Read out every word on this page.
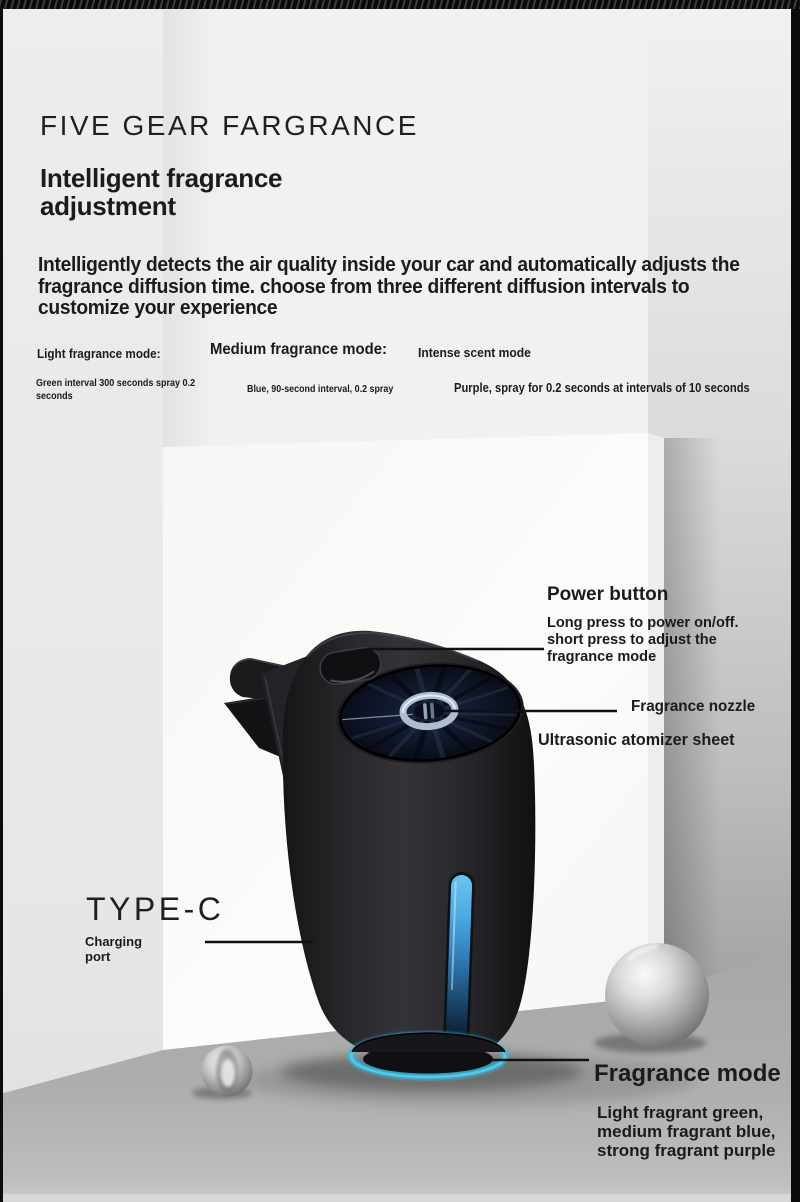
FIVE GEAR FARGRANCE
Intelligent fragrance adjustment
Intelligently detects the air quality inside your car and automatically adjusts the fragrance diffusion time. choose from three different diffusion intervals to customize your experience
Light fragrance mode:
Green interval 300 seconds spray 0.2 seconds
Medium fragrance mode:
Blue, 90-second interval, 0.2 spray
Intense scent mode
Purple, spray for 0.2 seconds at intervals of 10 seconds
Power button
Long press to power on/off. short press to adjust the fragrance mode
Fragrance nozzle
Ultrasonic atomizer sheet
TYPE-C
Charging port
Fragrance mode
Light fragrant green, medium fragrant blue, strong fragrant purple
